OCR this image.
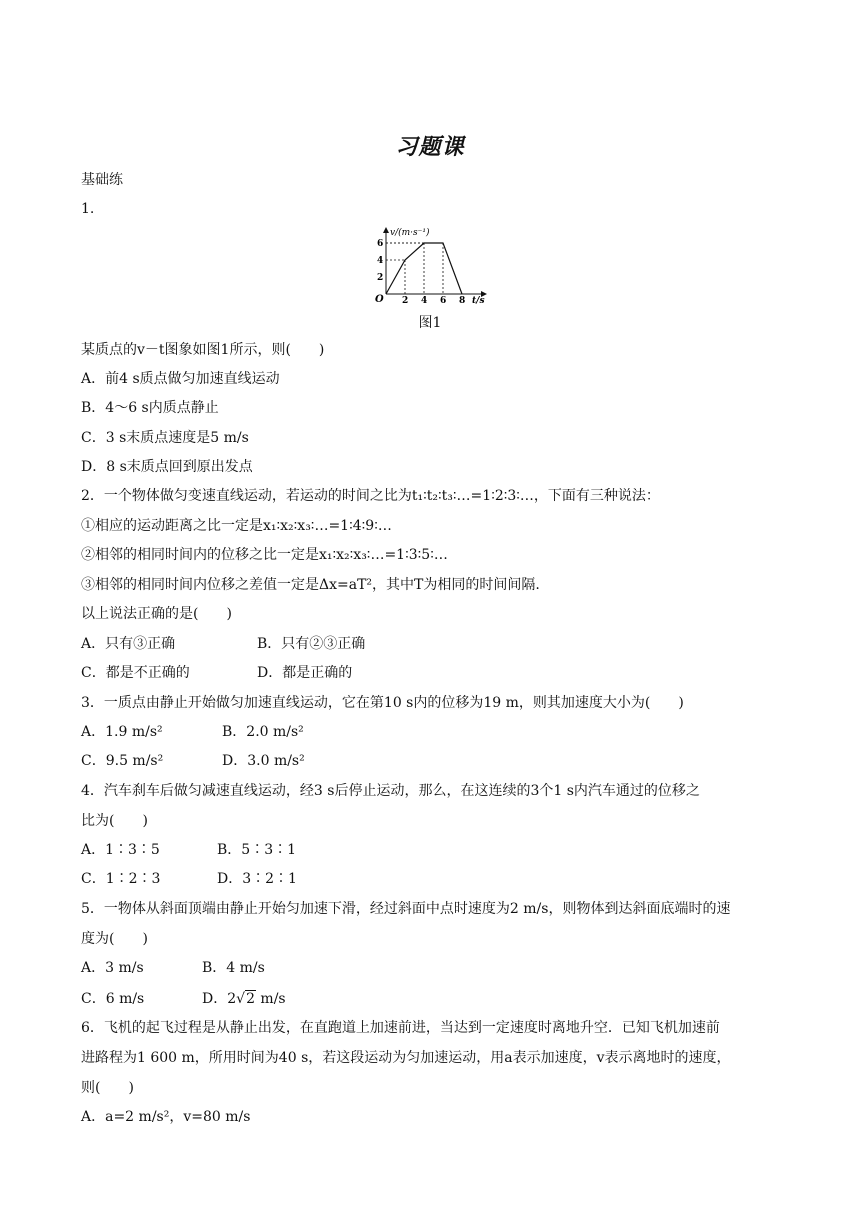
习题课
基础练
1.
2 4 6 8
2
4
6
O
v/(m·s⁻¹)
t/s
图1
某质点的v－t图象如图1所示，则(　　)
A．前4 s质点做匀加速直线运动
B．4～6 s内质点静止
C．3 s末质点速度是5 m/s
D．8 s末质点回到原出发点
2．一个物体做匀变速直线运动，若运动的时间之比为t₁∶t₂∶t₃∶…=1∶2∶3∶…，下面有三种说法：
①相应的运动距离之比一定是x₁∶x₂∶x₃∶…=1∶4∶9∶…
②相邻的相同时间内的位移之比一定是x₁∶x₂∶x₃∶…=1∶3∶5∶…
③相邻的相同时间内位移之差值一定是Δx=aT²，其中T为相同的时间间隔.
以上说法正确的是(　　)
A．只有③正确	B．只有②③正确
C．都是不正确的	D．都是正确的
3．一质点由静止开始做匀加速直线运动，它在第10 s内的位移为19 m，则其加速度大小为(　　)
A．1.9 m/s²	B．2.0 m/s²
C．9.5 m/s²	D．3.0 m/s²
4．汽车刹车后做匀减速直线运动，经3 s后停止运动，那么，在这连续的3个1 s内汽车通过的位移之
比为(　　)
A．1∶3∶5	B．5∶3∶1
C．1∶2∶3	D．3∶2∶1
5．一物体从斜面顶端由静止开始匀加速下滑，经过斜面中点时速度为2 m/s，则物体到达斜面底端时的速
度为(　　)
A．3 m/s	B．4 m/s
C．6 m/s	D．2√2 m/s
6．飞机的起飞过程是从静止出发，在直跑道上加速前进，当达到一定速度时离地升空．已知飞机加速前
进路程为1 600 m，所用时间为40 s，若这段运动为匀加速运动，用a表示加速度，v表示离地时的速度，
则(　　)
A．a=2 m/s²，v=80 m/s
